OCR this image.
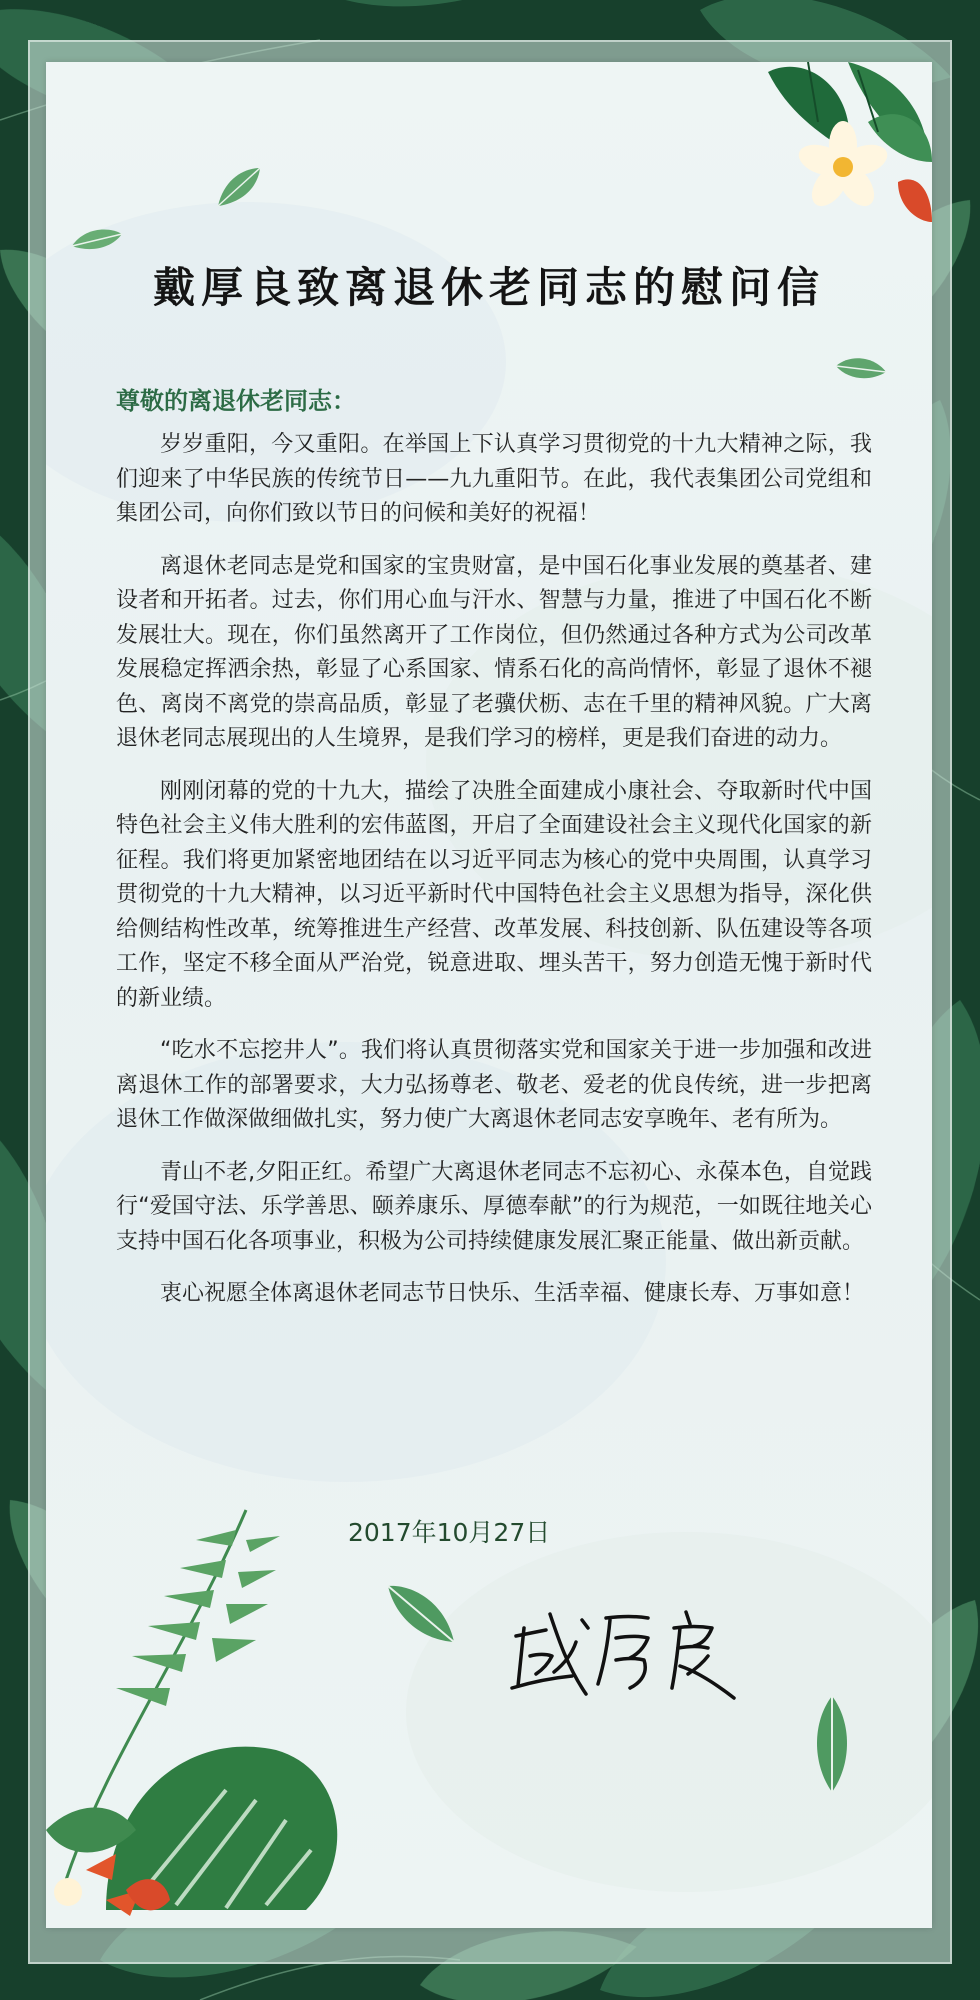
戴厚良致离退休老同志的慰问信

尊敬的离退休老同志：

岁岁重阳，今又重阳。在举国上下认真学习贯彻党的十九大精神之际，我们迎来了中华民族的传统节日——九九重阳节。在此，我代表集团公司党组和集团公司，向你们致以节日的问候和美好的祝福！

离退休老同志是党和国家的宝贵财富，是中国石化事业发展的奠基者、建设者和开拓者。过去，你们用心血与汗水、智慧与力量，推进了中国石化不断发展壮大。现在，你们虽然离开了工作岗位，但仍然通过各种方式为公司改革发展稳定挥洒余热，彰显了心系国家、情系石化的高尚情怀，彰显了退休不褪色、离岗不离党的崇高品质，彰显了老骥伏枥、志在千里的精神风貌。广大离退休老同志展现出的人生境界，是我们学习的榜样，更是我们奋进的动力。

刚刚闭幕的党的十九大，描绘了决胜全面建成小康社会、夺取新时代中国特色社会主义伟大胜利的宏伟蓝图，开启了全面建设社会主义现代化国家的新征程。我们将更加紧密地团结在以习近平同志为核心的党中央周围，认真学习贯彻党的十九大精神，以习近平新时代中国特色社会主义思想为指导，深化供给侧结构性改革，统筹推进生产经营、改革发展、科技创新、队伍建设等各项工作，坚定不移全面从严治党，锐意进取、埋头苦干，努力创造无愧于新时代的新业绩。

“吃水不忘挖井人”。我们将认真贯彻落实党和国家关于进一步加强和改进离退休工作的部署要求，大力弘扬尊老、敬老、爱老的优良传统，进一步把离退休工作做深做细做扎实，努力使广大离退休老同志安享晚年、老有所为。

青山不老,夕阳正红。希望广大离退休老同志不忘初心、永葆本色，自觉践行“爱国守法、乐学善思、颐养康乐、厚德奉献”的行为规范，一如既往地关心支持中国石化各项事业，积极为公司持续健康发展汇聚正能量、做出新贡献。

衷心祝愿全体离退休老同志节日快乐、生活幸福、健康长寿、万事如意！

2017年10月27日
